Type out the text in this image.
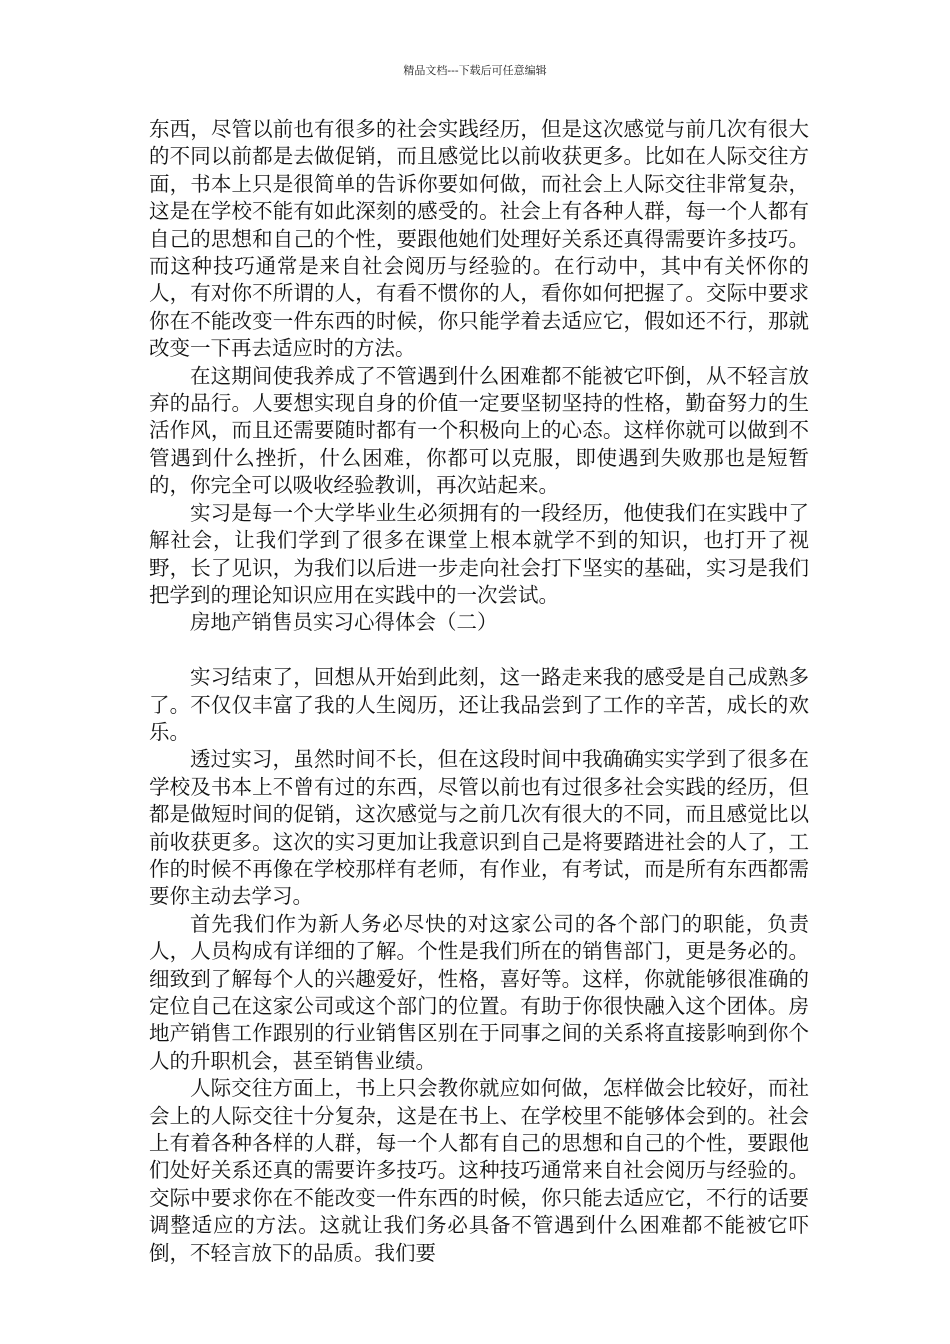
精品文档---下载后可任意编辑

东西，尽管以前也有很多的社会实践经历，但是这次感觉与前几次有很大的不同以前都是去做促销，而且感觉比以前收获更多。比如在人际交往方面，书本上只是很简单的告诉你要如何做，而社会上人际交往非常复杂，这是在学校不能有如此深刻的感受的。社会上有各种人群，每一个人都有自己的思想和自己的个性，要跟他她们处理好关系还真得需要许多技巧。而这种技巧通常是来自社会阅历与经验的。在行动中，其中有关怀你的人，有对你不所谓的人，有看不惯你的人，看你如何把握了。交际中要求你在不能改变一件东西的时候，你只能学着去适应它，假如还不行，那就改变一下再去适应时的方法。

在这期间使我养成了不管遇到什么困难都不能被它吓倒，从不轻言放弃的品行。人要想实现自身的价值一定要坚韧坚持的性格，勤奋努力的生活作风，而且还需要随时都有一个积极向上的心态。这样你就可以做到不管遇到什么挫折，什么困难，你都可以克服，即使遇到失败那也是短暂的，你完全可以吸收经验教训，再次站起来。

实习是每一个大学毕业生必须拥有的一段经历，他使我们在实践中了解社会，让我们学到了很多在课堂上根本就学不到的知识，也打开了视野，长了见识，为我们以后进一步走向社会打下坚实的基础，实习是我们把学到的理论知识应用在实践中的一次尝试。

房地产销售员实习心得体会（二）

实习结束了，回想从开始到此刻，这一路走来我的感受是自己成熟多了。不仅仅丰富了我的人生阅历，还让我品尝到了工作的辛苦，成长的欢乐。

透过实习，虽然时间不长，但在这段时间中我确确实实学到了很多在学校及书本上不曾有过的东西，尽管以前也有过很多社会实践的经历，但都是做短时间的促销，这次感觉与之前几次有很大的不同，而且感觉比以前收获更多。这次的实习更加让我意识到自己是将要踏进社会的人了，工作的时候不再像在学校那样有老师，有作业，有考试，而是所有东西都需要你主动去学习。

首先我们作为新人务必尽快的对这家公司的各个部门的职能，负责人，人员构成有详细的了解。个性是我们所在的销售部门，更是务必的。细致到了解每个人的兴趣爱好，性格，喜好等。这样，你就能够很准确的定位自己在这家公司或这个部门的位置。有助于你很快融入这个团体。房地产销售工作跟别的行业销售区别在于同事之间的关系将直接影响到你个人的升职机会，甚至销售业绩。

人际交往方面上，书上只会教你就应如何做，怎样做会比较好，而社会上的人际交往十分复杂，这是在书上、在学校里不能够体会到的。社会上有着各种各样的人群，每一个人都有自己的思想和自己的个性，要跟他们处好关系还真的需要许多技巧。这种技巧通常来自社会阅历与经验的。交际中要求你在不能改变一件东西的时候，你只能去适应它，不行的话要调整适应的方法。这就让我们务必具备不管遇到什么困难都不能被它吓倒，不轻言放下的品质。我们要
